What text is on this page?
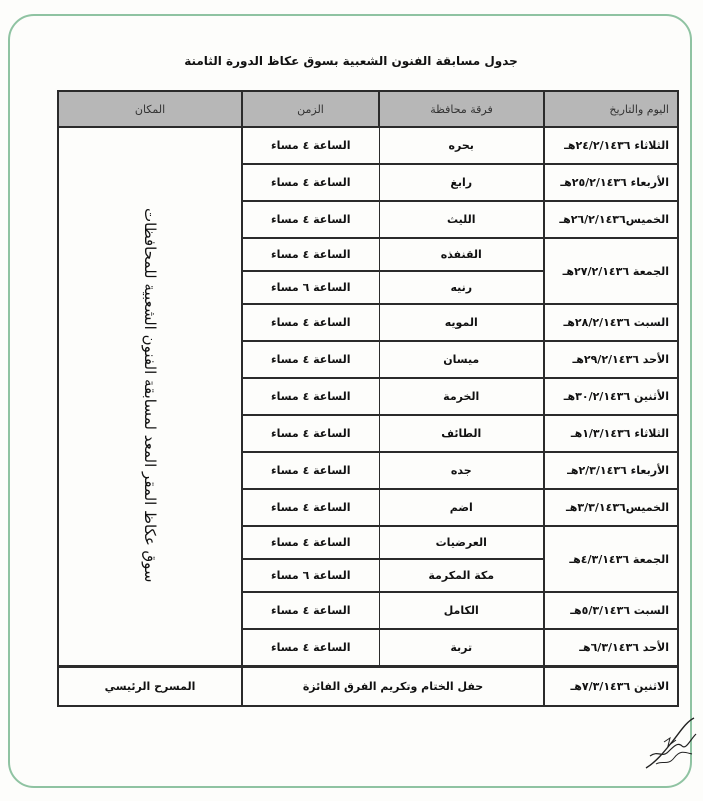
جدول مسابقة الفنون الشعبية بسوق عكاظ الدورة الثامنة
اليوم والتاريخ	فرقة محافظة	الزمن	المكان
الثلاثاء ٢٤/٢/١٤٣٦هـ	بحره	الساعة ٤ مساء	سوق عكاظ المقر المعد لمسابقة الفنون الشعبية للمحافظات
الأربعاء ٢٥/٢/١٤٣٦هـ	رابغ	الساعة ٤ مساء	
الخميس٢٦/٢/١٤٣٦هـ	الليث	الساعة ٤ مساء	
الجمعة ٢٧/٢/١٤٣٦هـ	القنفذه	الساعة ٤ مساء	
	رنيه	الساعة ٦ مساء	
السبت ٢٨/٢/١٤٣٦هـ	المويه	الساعة ٤ مساء	
الأحد ٢٩/٢/١٤٣٦هـ	ميسان	الساعة ٤ مساء	
الأثنين ٣٠/٢/١٤٣٦هـ	الخرمة	الساعة ٤ مساء	
الثلاثاء ١/٣/١٤٣٦هـ	الطائف	الساعة ٤ مساء	
الأربعاء ٢/٣/١٤٣٦هـ	جده	الساعة ٤ مساء	
الخميس٣/٣/١٤٣٦هـ	اضم	الساعة ٤ مساء	
الجمعة ٤/٣/١٤٣٦هـ	العرضيات	الساعة ٤ مساء	
	مكة المكرمة	الساعة ٦ مساء	
السبت ٥/٣/١٤٣٦هـ	الكامل	الساعة ٤ مساء	
الأحد ٦/٣/١٤٣٦هـ	تربة	الساعة ٤ مساء	
الاثنين ٧/٣/١٤٣٦هـ	حفل الختام وتكريم الفرق الفائزة		المسرح الرئيسي
